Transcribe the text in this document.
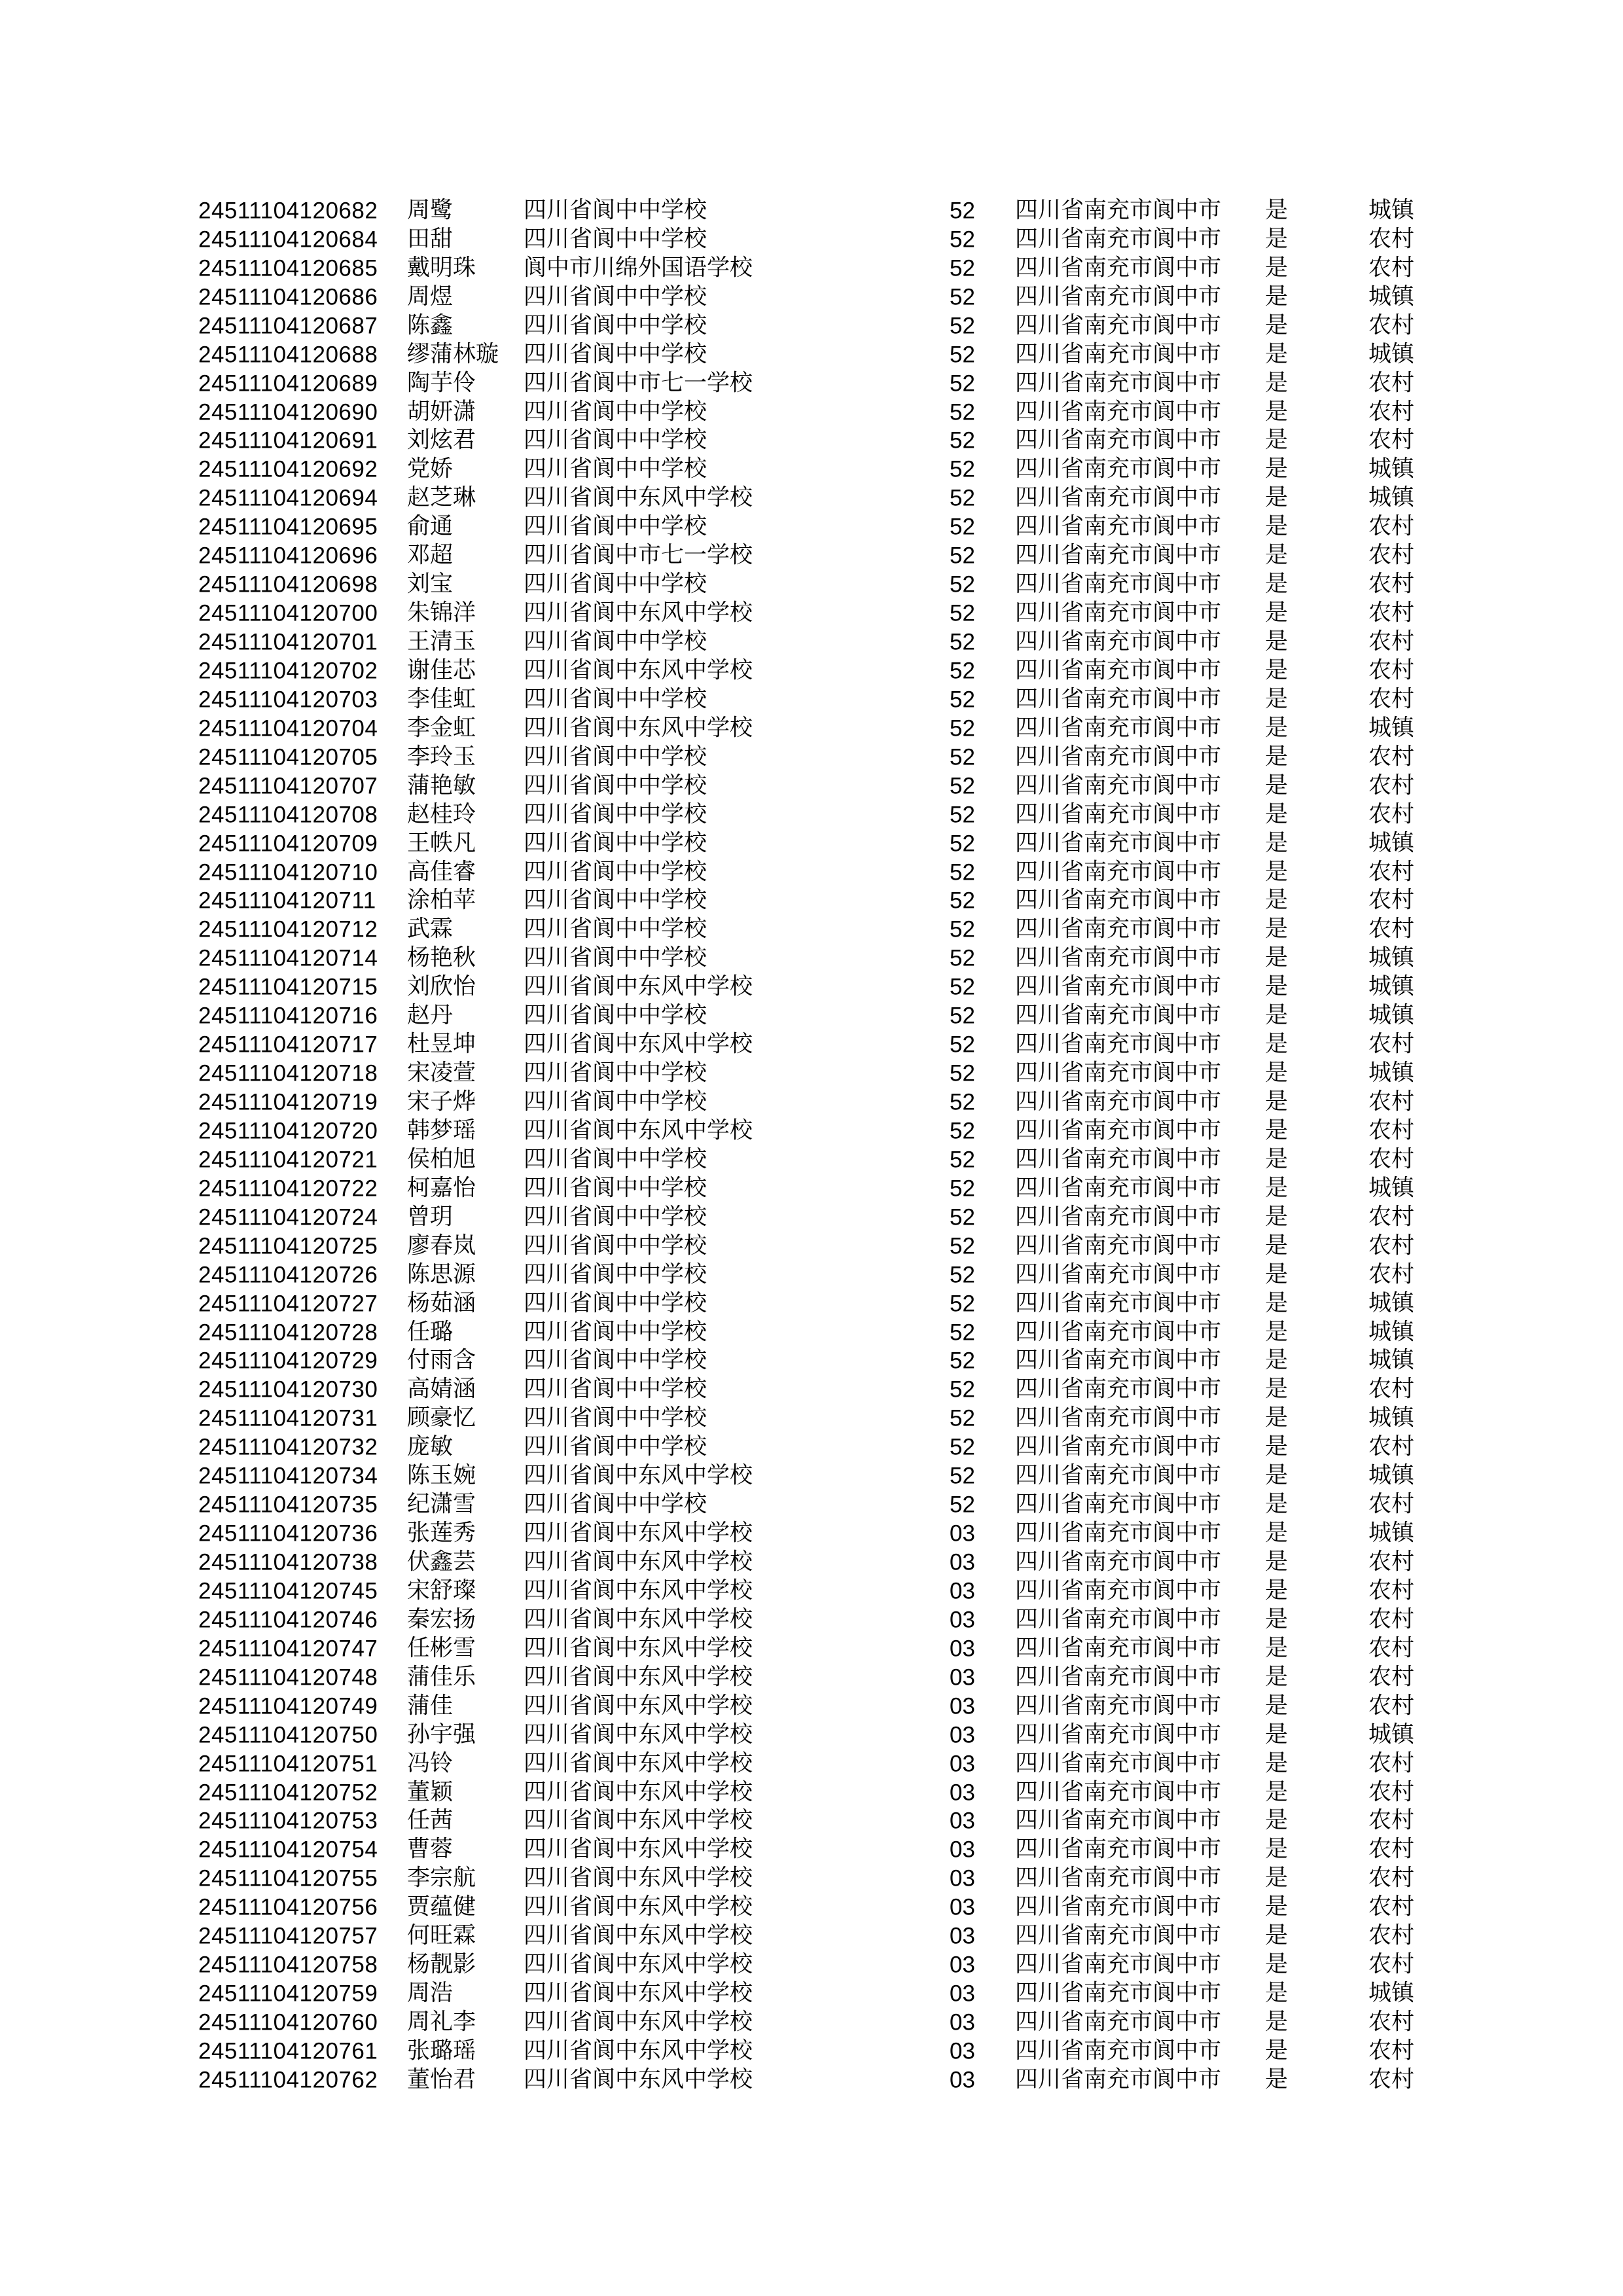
24511104120682 周鹭	四川省阆中中学校	52 四川省南充市阆中市 是	城镇
24511104120684 田甜	四川省阆中中学校	52 四川省南充市阆中市 是	农村
24511104120685 戴明珠 阆中市川绵外国语学校	52 四川省南充市阆中市 是	农村
24511104120686 周煜	四川省阆中中学校	52 四川省南充市阆中市 是	城镇
24511104120687 陈鑫	四川省阆中中学校	52 四川省南充市阆中市 是	农村
24511104120688 缪蒲林璇 四川省阆中中学校	52 四川省南充市阆中市 是	城镇
24511104120689 陶芋伶 四川省阆中市七一学校	52 四川省南充市阆中市 是	农村
24511104120690 胡妍潇 四川省阆中中学校	52 四川省南充市阆中市 是	农村
24511104120691 刘炫君 四川省阆中中学校	52 四川省南充市阆中市 是	农村
24511104120692 党娇	四川省阆中中学校	52 四川省南充市阆中市 是	城镇
24511104120694 赵芝琳 四川省阆中东风中学校	52 四川省南充市阆中市 是	城镇
24511104120695 俞通	四川省阆中中学校	52 四川省南充市阆中市 是	农村
24511104120696 邓超	四川省阆中市七一学校	52 四川省南充市阆中市 是	农村
24511104120698 刘宝	四川省阆中中学校	52 四川省南充市阆中市 是	农村
24511104120700 朱锦洋 四川省阆中东风中学校	52 四川省南充市阆中市 是	农村
24511104120701 王清玉 四川省阆中中学校	52 四川省南充市阆中市 是	农村
24511104120702 谢佳芯 四川省阆中东风中学校	52 四川省南充市阆中市 是	农村
24511104120703 李佳虹 四川省阆中中学校	52 四川省南充市阆中市 是	农村
24511104120704 李金虹 四川省阆中东风中学校	52 四川省南充市阆中市 是	城镇
24511104120705 李玲玉 四川省阆中中学校	52 四川省南充市阆中市 是	农村
24511104120707 蒲艳敏 四川省阆中中学校	52 四川省南充市阆中市 是	农村
24511104120708 赵桂玲 四川省阆中中学校	52 四川省南充市阆中市 是	农村
24511104120709 王帙凡 四川省阆中中学校	52 四川省南充市阆中市 是	城镇
24511104120710 高佳睿 四川省阆中中学校	52 四川省南充市阆中市 是	农村
24511104120711 涂柏苹 四川省阆中中学校	52 四川省南充市阆中市 是	农村
24511104120712 武霖	四川省阆中中学校	52 四川省南充市阆中市 是	农村
24511104120714 杨艳秋 四川省阆中中学校	52 四川省南充市阆中市 是	城镇
24511104120715 刘欣怡 四川省阆中东风中学校	52 四川省南充市阆中市 是	城镇
24511104120716 赵丹	四川省阆中中学校	52 四川省南充市阆中市 是	城镇
24511104120717 杜昱坤 四川省阆中东风中学校	52 四川省南充市阆中市 是	农村
24511104120718 宋凌萱 四川省阆中中学校	52 四川省南充市阆中市 是	城镇
24511104120719 宋子烨 四川省阆中中学校	52 四川省南充市阆中市 是	农村
24511104120720 韩梦瑶 四川省阆中东风中学校	52 四川省南充市阆中市 是	农村
24511104120721 侯柏旭 四川省阆中中学校	52 四川省南充市阆中市 是	农村
24511104120722 柯嘉怡 四川省阆中中学校	52 四川省南充市阆中市 是	城镇
24511104120724 曾玥	四川省阆中中学校	52 四川省南充市阆中市 是	农村
24511104120725 廖春岚 四川省阆中中学校	52 四川省南充市阆中市 是	农村
24511104120726 陈思源 四川省阆中中学校	52 四川省南充市阆中市 是	农村
24511104120727 杨茹涵 四川省阆中中学校	52 四川省南充市阆中市 是	城镇
24511104120728 任璐	四川省阆中中学校	52 四川省南充市阆中市 是	城镇
24511104120729 付雨含 四川省阆中中学校	52 四川省南充市阆中市 是	城镇
24511104120730 高婧涵 四川省阆中中学校	52 四川省南充市阆中市 是	农村
24511104120731 顾豪忆 四川省阆中中学校	52 四川省南充市阆中市 是	城镇
24511104120732 庞敏	四川省阆中中学校	52 四川省南充市阆中市 是	农村
24511104120734 陈玉婉 四川省阆中东风中学校	52 四川省南充市阆中市 是	城镇
24511104120735 纪潇雪 四川省阆中中学校	52 四川省南充市阆中市 是	农村
24511104120736 张莲秀 四川省阆中东风中学校	03 四川省南充市阆中市 是	城镇
24511104120738 伏鑫芸 四川省阆中东风中学校	03 四川省南充市阆中市 是	农村
24511104120745 宋舒璨 四川省阆中东风中学校	03 四川省南充市阆中市 是	农村
24511104120746 秦宏扬 四川省阆中东风中学校	03 四川省南充市阆中市 是	农村
24511104120747 任彬雪 四川省阆中东风中学校	03 四川省南充市阆中市 是	农村
24511104120748 蒲佳乐 四川省阆中东风中学校	03 四川省南充市阆中市 是	农村
24511104120749 蒲佳	四川省阆中东风中学校	03 四川省南充市阆中市 是	农村
24511104120750 孙宇强 四川省阆中东风中学校	03 四川省南充市阆中市 是	城镇
24511104120751 冯铃	四川省阆中东风中学校	03 四川省南充市阆中市 是	农村
24511104120752 董颖	四川省阆中东风中学校	03 四川省南充市阆中市 是	农村
24511104120753 任茜	四川省阆中东风中学校	03 四川省南充市阆中市 是	农村
24511104120754 曹蓉	四川省阆中东风中学校	03 四川省南充市阆中市 是	农村
24511104120755 李宗航 四川省阆中东风中学校	03 四川省南充市阆中市 是	农村
24511104120756 贾蕴健 四川省阆中东风中学校	03 四川省南充市阆中市 是	农村
24511104120757 何旺霖 四川省阆中东风中学校	03 四川省南充市阆中市 是	农村
24511104120758 杨靓影 四川省阆中东风中学校	03 四川省南充市阆中市 是	农村
24511104120759 周浩	四川省阆中东风中学校	03 四川省南充市阆中市 是	城镇
24511104120760 周礼李 四川省阆中东风中学校	03 四川省南充市阆中市 是	农村
24511104120761 张璐瑶 四川省阆中东风中学校	03 四川省南充市阆中市 是	农村
24511104120762 董怡君 四川省阆中东风中学校	03 四川省南充市阆中市 是	农村
